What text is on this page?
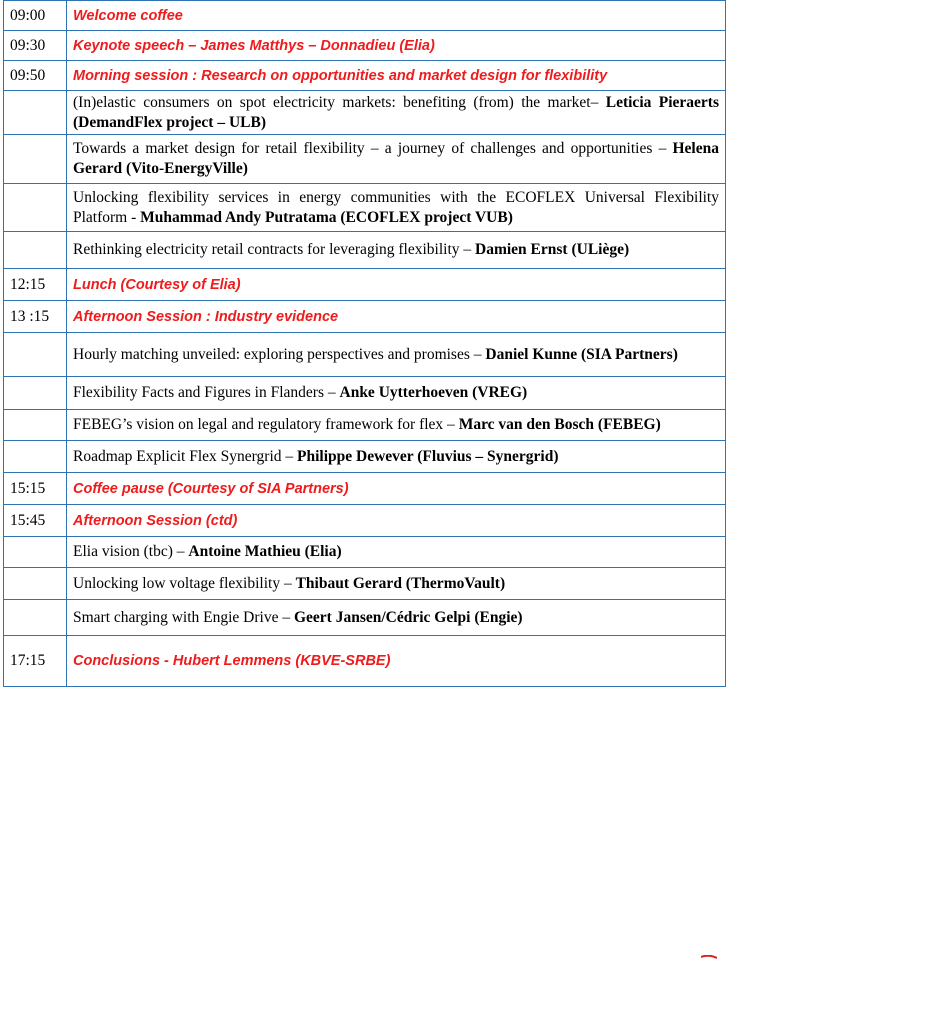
09:00	Welcome coffee
09:30	Keynote speech – James Matthys – Donnadieu (Elia)
09:50	Morning session : Research on opportunities and market design for flexibility
	(In)elastic consumers on spot electricity markets: benefiting (from) the market– Leticia Pieraerts (DemandFlex project – ULB)
	Towards a market design for retail flexibility – a journey of challenges and opportunities – Helena Gerard (Vito-EnergyVille)
	Unlocking flexibility services in energy communities with the ECOFLEX Universal Flexibility Platform - Muhammad Andy Putratama (ECOFLEX project VUB)
	Rethinking electricity retail contracts for leveraging flexibility – Damien Ernst (ULiège)
12:15	Lunch (Courtesy of Elia)
13 :15	Afternoon Session : Industry evidence
	Hourly matching unveiled: exploring perspectives and promises – Daniel Kunne (SIA Partners)
	Flexibility Facts and Figures in Flanders – Anke Uytterhoeven (VREG)
	FEBEG’s vision on legal and regulatory framework for flex – Marc van den Bosch (FEBEG)
	Roadmap Explicit Flex Synergrid – Philippe Dewever (Fluvius – Synergrid)
15:15	Coffee pause (Courtesy of SIA Partners)
15:45	Afternoon Session (ctd)
	Elia vision (tbc) – Antoine Mathieu (Elia)
	Unlocking low voltage flexibility – Thibaut Gerard (ThermoVault)
	Smart charging with Engie Drive – Geert Jansen/Cédric Gelpi (Engie)
17:15	Conclusions - Hubert Lemmens (KBVE-SRBE)
